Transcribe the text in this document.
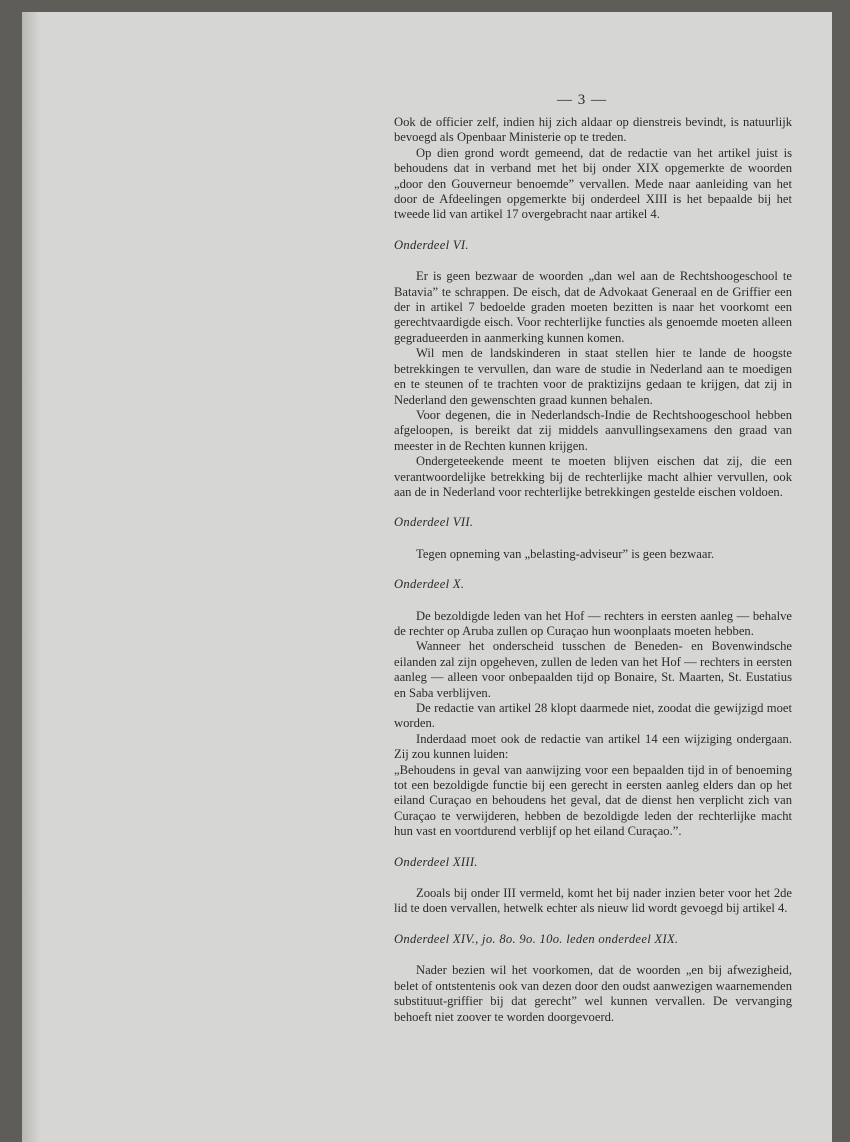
— 3 —

Ook de officier zelf, indien hij zich aldaar op dienstreis bevindt, is natuurlijk bevoegd als Openbaar Ministerie op te treden.

Op dien grond wordt gemeend, dat de redactie van het artikel juist is behoudens dat in verband met het bij onder XIX opgemerkte de woorden „door den Gouverneur benoemde” vervallen. Mede naar aanleiding van het door de Afdeelingen opgemerkte bij onderdeel XIII is het bepaalde bij het tweede lid van artikel 17 overgebracht naar artikel 4.

Onderdeel VI.

Er is geen bezwaar de woorden „dan wel aan de Rechtshoogeschool te Batavia” te schrappen. De eisch, dat de Advokaat Generaal en de Griffier een der in artikel 7 bedoelde graden moeten bezitten is naar het voorkomt een gerechtvaardigde eisch. Voor rechterlijke functies als genoemde moeten alleen gegradueerden in aanmerking kunnen komen.

Wil men de landskinderen in staat stellen hier te lande de hoogste betrekkingen te vervullen, dan ware de studie in Nederland aan te moedigen en te steunen of te trachten voor de praktizijns gedaan te krijgen, dat zij in Nederland den gewenschten graad kunnen behalen.

Voor degenen, die in Nederlandsch-Indie de Rechtshoogeschool hebben afgeloopen, is bereikt dat zij middels aanvullingsexamens den graad van meester in de Rechten kunnen krijgen.

Ondergeteekende meent te moeten blijven eischen dat zij, die een verantwoordelijke betrekking bij de rechterlijke macht alhier vervullen, ook aan de in Nederland voor rechterlijke betrekkingen gestelde eischen voldoen.

Onderdeel VII.

Tegen opneming van „belasting-adviseur” is geen bezwaar.

Onderdeel X.

De bezoldigde leden van het Hof — rechters in eersten aanleg — behalve de rechter op Aruba zullen op Curaçao hun woonplaats moeten hebben.

Wanneer het onderscheid tusschen de Beneden- en Bovenwindsche eilanden zal zijn opgeheven, zullen de leden van het Hof — rechters in eersten aanleg — alleen voor onbepaalden tijd op Bonaire, St. Maarten, St. Eustatius en Saba verblijven.

De redactie van artikel 28 klopt daarmede niet, zoodat die gewijzigd moet worden.

Inderdaad moet ook de redactie van artikel 14 een wijziging ondergaan. Zij zou kunnen luiden:

„Behoudens in geval van aanwijzing voor een bepaalden tijd in of benoeming tot een bezoldigde functie bij een gerecht in eersten aanleg elders dan op het eiland Curaçao en behoudens het geval, dat de dienst hen verplicht zich van Curaçao te verwijderen, hebben de bezoldigde leden der rechterlijke macht hun vast en voortdurend verblijf op het eiland Curaçao.”.

Onderdeel XIII.

Zooals bij onder III vermeld, komt het bij nader inzien beter voor het 2de lid te doen vervallen, hetwelk echter als nieuw lid wordt gevoegd bij artikel 4.

Onderdeel XIV., jo. 8o. 9o. 10o. leden onderdeel XIX.

Nader bezien wil het voorkomen, dat de woorden „en bij afwezigheid, belet of ontstentenis ook van dezen door den oudst aanwezigen waarnemenden substituut-griffier bij dat gerecht” wel kunnen vervallen. De vervanging behoeft niet zoover te worden doorgevoerd.
